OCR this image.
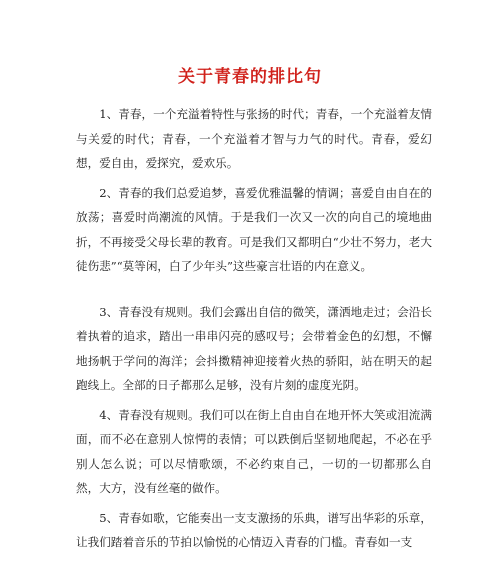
关于青春的排比句

1、青春，一个充溢着特性与张扬的时代；青春，一个充溢着友情与关爱的时代；青春，一个充溢着才智与力气的时代。青春，爱幻想，爱自由，爱探究，爱欢乐。

2、青春的我们总爱追梦，喜爱优雅温馨的情调；喜爱自由自在的放荡；喜爱时尚潮流的风情。于是我们一次又一次的向自己的境地曲折，不再接受父母长辈的教育。可是我们又都明白“少壮不努力，老大徒伤悲”“莫等闲，白了少年头”这些豪言壮语的内在意义。

3、青春没有规则。我们会露出自信的微笑，潇洒地走过；会沿长着执着的追求，踏出一串串闪亮的感叹号；会带着金色的幻想，不懈地扬帆于学问的海洋；会抖擞精神迎接着火热的骄阳，站在明天的起跑线上。全部的日子都那么足够，没有片刻的虚度光阴。

4、青春没有规则。我们可以在街上自由自在地开怀大笑或泪流满面，而不必在意别人惊愕的表情；可以跌倒后坚韧地爬起，不必在乎别人怎么说；可以尽情歌颂，不必约束自己，一切的一切都那么自然，大方，没有丝毫的做作。

5、青春如歌，它能奏出一支支激扬的乐典，谱写出华彩的乐章，让我们踏着音乐的节拍以愉悦的心情迈入青春的门槛。青春如一支
